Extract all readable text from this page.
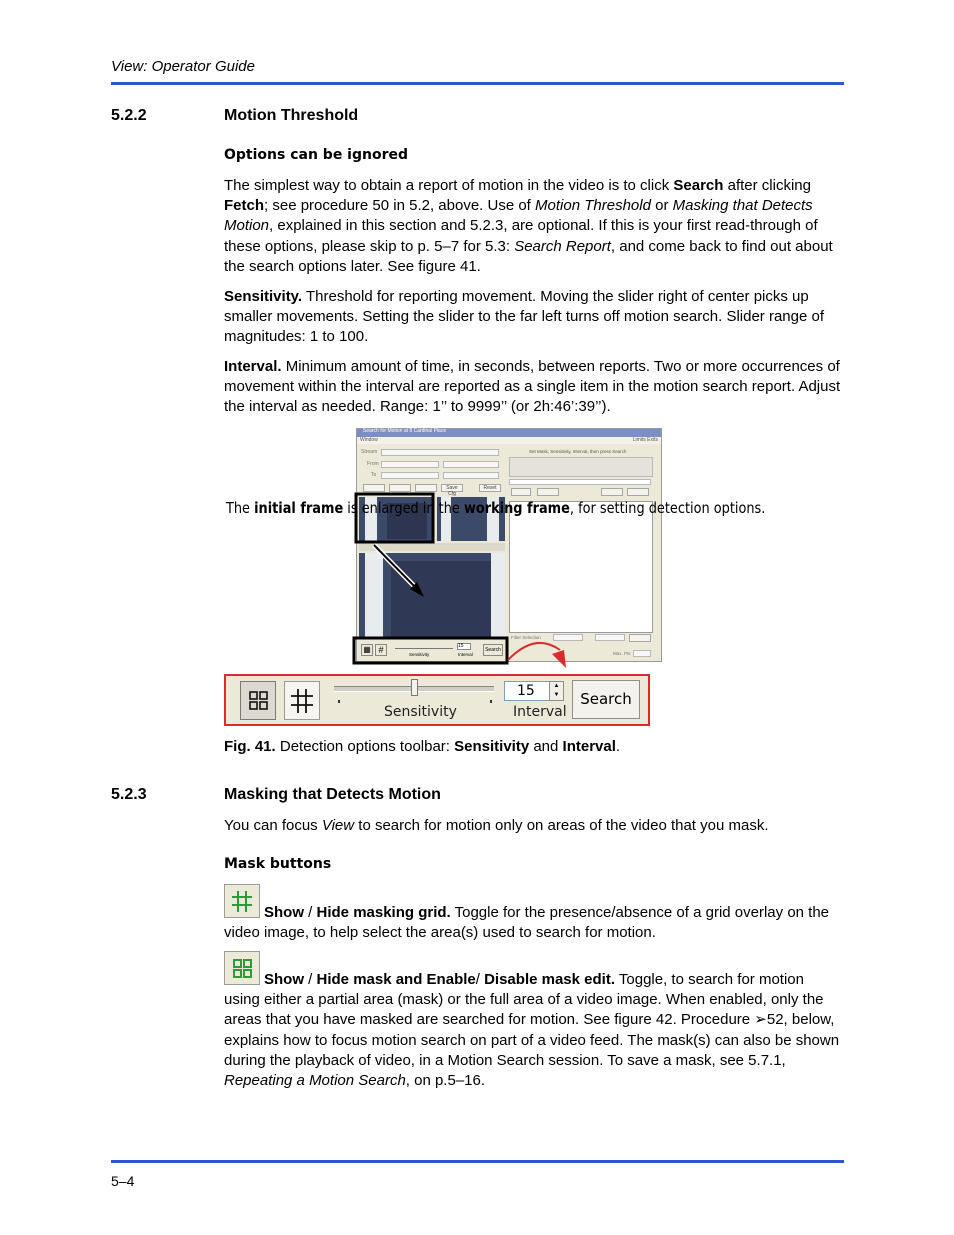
View: Operator Guide
5.2.2	Motion Threshold
Options can be ignored
The simplest way to obtain a report of motion in the video is to click Search after clicking Fetch; see procedure 50 in 5.2, above. Use of Motion Threshold or Masking that Detects Motion, explained in this section and 5.2.3, are optional. If this is your first read-through of these options, please skip to p. 5–7 for 5.3: Search Report, and come back to find out about the search options later. See figure 41.
Sensitivity. Threshold for reporting movement. Moving the slider right of center picks up smaller movements. Setting the slider to the far left turns off motion search. Slider range of magnitudes: 1 to 100.
Interval. Minimum amount of time, in seconds, between reports. Two or more occurrences of movement within the interval are reported as a single item in the motion search report. Adjust the interval as needed. Range: 1’’ to 9999’’ (or 2h:46’:39’’).
Search for Motion at 8 Cardinal Place
Window	Limits Exits
Stream
From
To
Save Cfg
Reset
Set Mask, Sensitivity, Interval, then press Search
Filter Selection
Max. Pts
▦ #	Sensitivity
15
Interval
Search
The initial frame is enlarged in the working frame, for setting detection options.
Sensitivity
15	▲
▼
Interval
Search
Fig. 41. Detection options toolbar: Sensitivity and Interval.
5.2.3	Masking that Detects Motion
You can focus View to search for motion only on areas of the video that you mask.
Mask buttons
Show / Hide masking grid. Toggle for the presence/absence of a grid overlay on the video image, to help select the area(s) used to search for motion.
Show / Hide mask and Enable/ Disable mask edit. Toggle, to search for motion using either a partial area (mask) or the full area of a video image. When enabled, only the areas that you have masked are searched for motion. See figure 42. Procedure ➢52, below, explains how to focus motion search on part of a video feed. The mask(s) can also be shown during the playback of video, in a Motion Search session. To save a mask, see 5.7.1, Repeating a Motion Search, on p.5–16.
5–4
